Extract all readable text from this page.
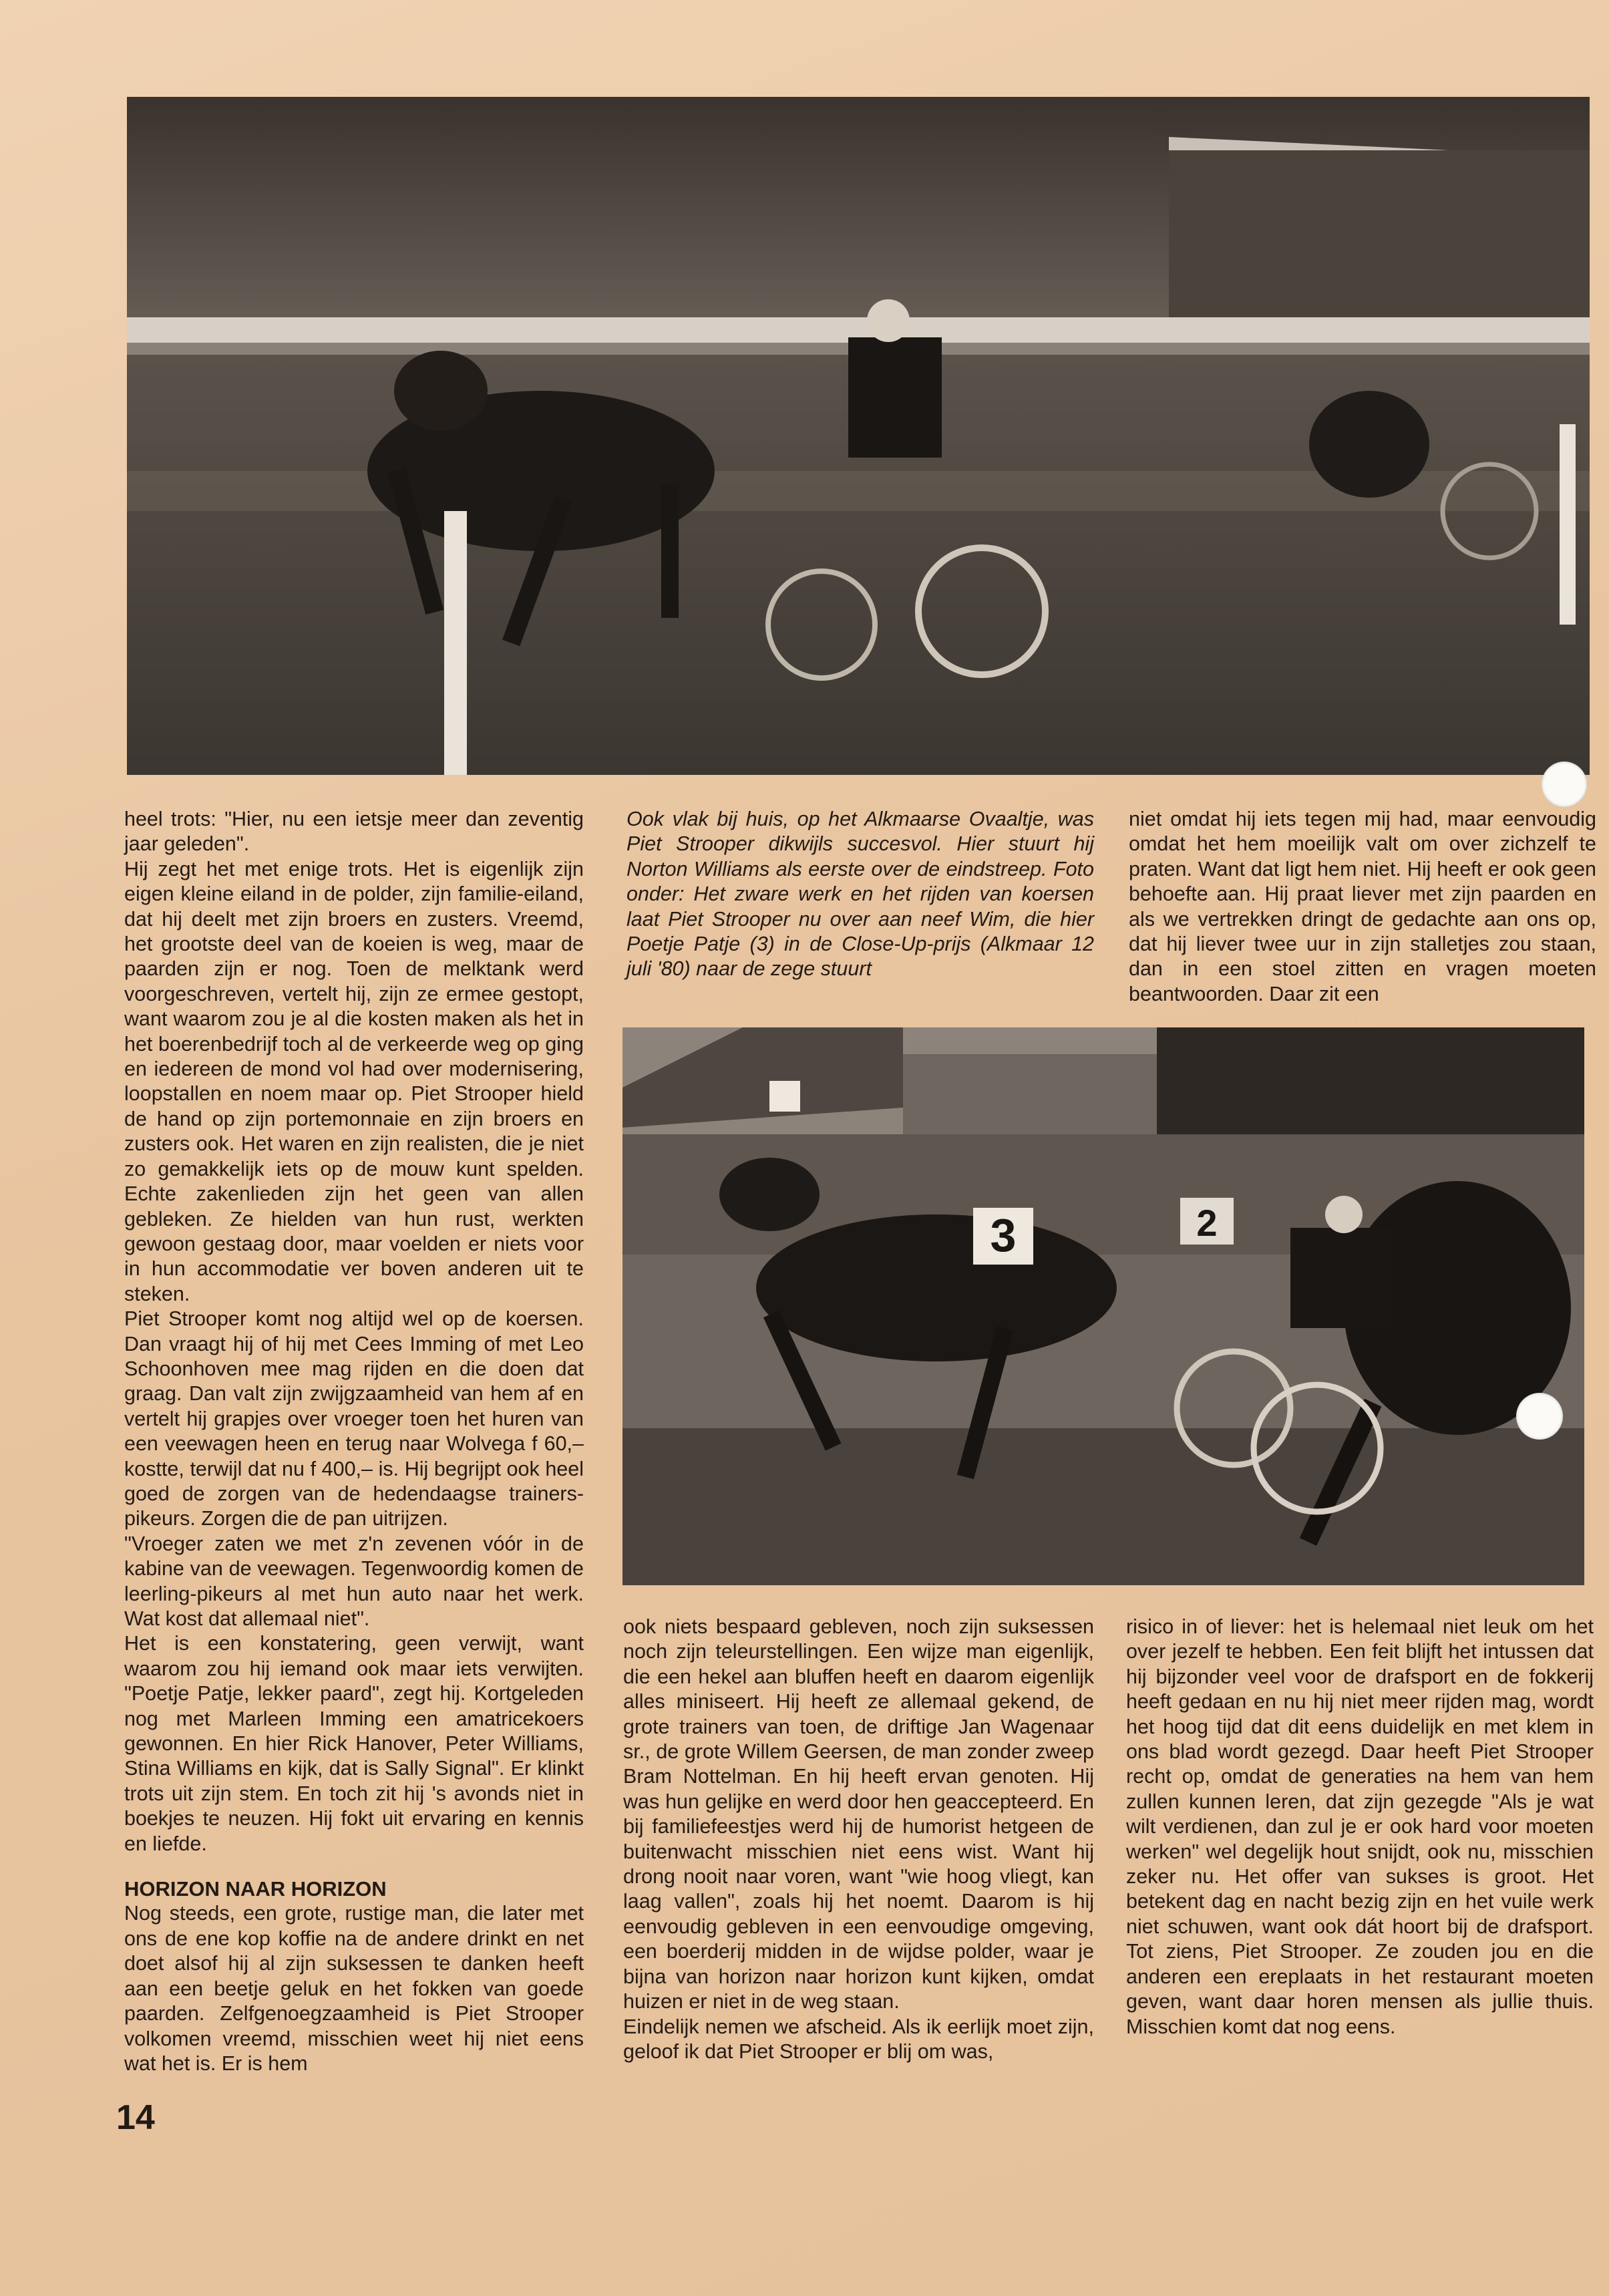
heel trots: "Hier, nu een ietsje meer dan zeventig jaar geleden".

Hij zegt het met enige trots. Het is eigenlijk zijn eigen kleine eiland in de polder, zijn familie-eiland, dat hij deelt met zijn broers en zusters. Vreemd, het grootste deel van de koeien is weg, maar de paarden zijn er nog. Toen de melktank werd voorgeschreven, vertelt hij, zijn ze ermee gestopt, want waarom zou je al die kosten maken als het in het boerenbedrijf toch al de verkeerde weg op ging en iedereen de mond vol had over modernisering, loopstallen en noem maar op. Piet Strooper hield de hand op zijn portemonnaie en zijn broers en zusters ook. Het waren en zijn realisten, die je niet zo gemakkelijk iets op de mouw kunt spelden. Echte zakenlieden zijn het geen van allen gebleken. Ze hielden van hun rust, werkten gewoon gestaag door, maar voelden er niets voor in hun accommodatie ver boven anderen uit te steken.

Piet Strooper komt nog altijd wel op de koersen. Dan vraagt hij of hij met Cees Imming of met Leo Schoonhoven mee mag rijden en die doen dat graag. Dan valt zijn zwijgzaamheid van hem af en vertelt hij grapjes over vroeger toen het huren van een veewagen heen en terug naar Wolvega f 60,– kostte, terwijl dat nu f 400,– is. Hij begrijpt ook heel goed de zorgen van de hedendaagse trainers-pikeurs. Zorgen die de pan uitrijzen.

"Vroeger zaten we met z'n zevenen vóór in de kabine van de veewagen. Tegenwoordig komen de leerling-pikeurs al met hun auto naar het werk. Wat kost dat allemaal niet".

Het is een konstatering, geen verwijt, want waarom zou hij iemand ook maar iets verwijten. "Poetje Patje, lekker paard", zegt hij. Kortgeleden nog met Marleen Imming een amatricekoers gewonnen. En hier Rick Hanover, Peter Williams, Stina Williams en kijk, dat is Sally Signal". Er klinkt trots uit zijn stem. En toch zit hij 's avonds niet in boekjes te neuzen. Hij fokt uit ervaring en kennis en liefde.

HORIZON NAAR HORIZON

Nog steeds, een grote, rustige man, die later met ons de ene kop koffie na de andere drinkt en net doet alsof hij al zijn suksessen te danken heeft aan een beetje geluk en het fokken van goede paarden. Zelfgenoegzaamheid is Piet Strooper volkomen vreemd, misschien weet hij niet eens wat het is. Er is hem

Ook vlak bij huis, op het Alkmaarse Ovaaltje, was Piet Strooper dikwijls succesvol. Hier stuurt hij Norton Williams als eerste over de eindstreep. Foto onder: Het zware werk en het rijden van koersen laat Piet Strooper nu over aan neef Wim, die hier Poetje Patje (3) in de Close-Up-prijs (Alkmaar 12 juli '80) naar de zege stuurt

niet omdat hij iets tegen mij had, maar eenvoudig omdat het hem moeilijk valt om over zichzelf te praten. Want dat ligt hem niet. Hij heeft er ook geen behoefte aan. Hij praat liever met zijn paarden en als we vertrekken dringt de gedachte aan ons op, dat hij liever twee uur in zijn stalletjes zou staan, dan in een stoel zitten en vragen moeten beantwoorden. Daar zit een

3	2

ook niets bespaard gebleven, noch zijn suksessen noch zijn teleurstellingen. Een wijze man eigenlijk, die een hekel aan bluffen heeft en daarom eigenlijk alles miniseert. Hij heeft ze allemaal gekend, de grote trainers van toen, de driftige Jan Wagenaar sr., de grote Willem Geersen, de man zonder zweep Bram Nottelman. En hij heeft ervan genoten. Hij was hun gelijke en werd door hen geaccepteerd. En bij familiefeestjes werd hij de humorist hetgeen de buitenwacht misschien niet eens wist. Want hij drong nooit naar voren, want "wie hoog vliegt, kan laag vallen", zoals hij het noemt. Daarom is hij eenvoudig gebleven in een eenvoudige omgeving, een boerderij midden in de wijdse polder, waar je bijna van horizon naar horizon kunt kijken, omdat huizen er niet in de weg staan.

Eindelijk nemen we afscheid. Als ik eerlijk moet zijn, geloof ik dat Piet Strooper er blij om was,

risico in of liever: het is helemaal niet leuk om het over jezelf te hebben. Een feit blijft het intussen dat hij bijzonder veel voor de drafsport en de fokkerij heeft gedaan en nu hij niet meer rijden mag, wordt het hoog tijd dat dit eens duidelijk en met klem in ons blad wordt gezegd. Daar heeft Piet Strooper recht op, omdat de generaties na hem van hem zullen kunnen leren, dat zijn gezegde "Als je wat wilt verdienen, dan zul je er ook hard voor moeten werken" wel degelijk hout snijdt, ook nu, misschien zeker nu. Het offer van sukses is groot. Het betekent dag en nacht bezig zijn en het vuile werk niet schuwen, want ook dát hoort bij de drafsport. Tot ziens, Piet Strooper. Ze zouden jou en die anderen een ereplaats in het restaurant moeten geven, want daar horen mensen als jullie thuis. Misschien komt dat nog eens.

14
